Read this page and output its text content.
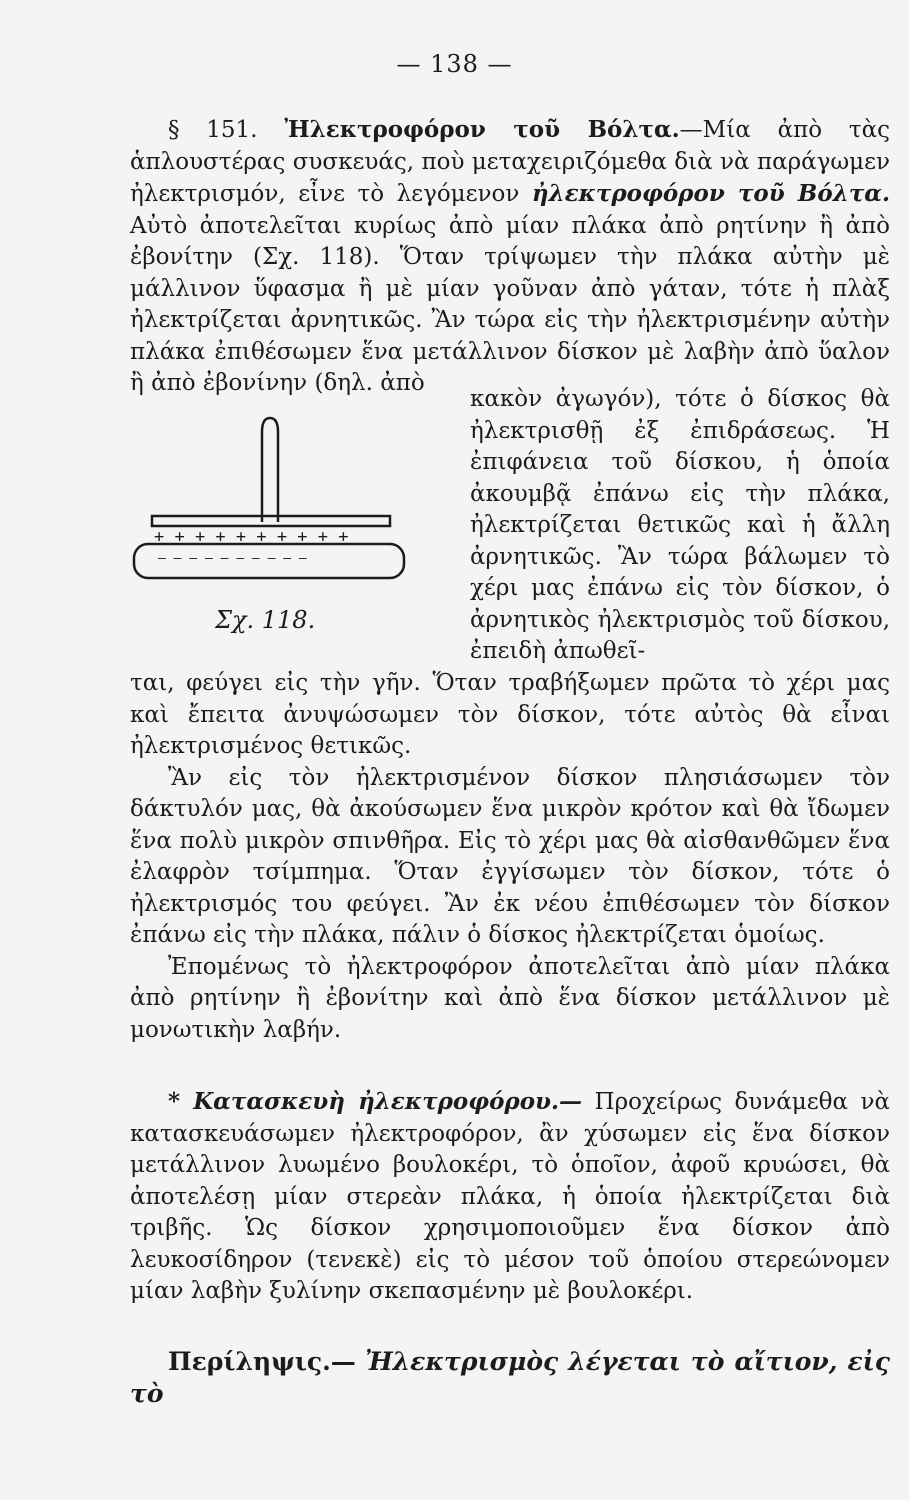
— 138 —

§ 151. Ἠλεκτροφόρον τοῦ Βόλτα.—Μία ἀπὸ τὰς ἁπλουστέρας συσκευάς, ποὺ μεταχειριζόμεθα διὰ νὰ παράγωμεν ἠλεκτρισμόν, εἶνε τὸ λεγόμενον ἠλεκτροφόρον τοῦ Βόλτα. Αὐτὸ ἀποτελεῖται κυρίως ἀπὸ μίαν πλάκα ἀπὸ ρητίνην ἢ ἀπὸ ἐβονίτην (Σχ. 118). Ὅταν τρίψωμεν τὴν πλάκα αὐτὴν μὲ μάλλινον ὕφασμα ἢ μὲ μίαν γοῦναν ἀπὸ γάταν, τότε ἡ πλὰξ ἠλεκτρίζεται ἀρνητικῶς. Ἂν τώρα εἰς τὴν ἠλεκτρισμένην αὐτὴν πλάκα ἐπιθέσωμεν ἕνα μετάλλινον δίσκον μὲ λαβὴν ἀπὸ ὕαλον ἢ ἀπὸ ἐβονίνην (δηλ. ἀπὸ

+ + + + + + + + + +
— — — — — — — — — —
Σχ. 118.
κακὸν ἀγωγόν), τότε ὁ δίσκος θὰ ἠλεκτρισθῇ ἐξ ἐπιδράσεως. Ἡ ἐπιφάνεια τοῦ δίσκου, ἡ ὁποία ἀκουμβᾷ ἐπάνω εἰς τὴν πλάκα, ἠλεκτρίζεται θετικῶς καὶ ἡ ἄλλη ἀρνητικῶς. Ἂν τώρα βάλωμεν τὸ χέρι μας ἐπάνω εἰς τὸν δίσκον, ὁ ἀρνητικὸς ἠλεκτρισμὸς τοῦ δίσκου, ἐπειδὴ ἀπωθεῖ-

ται, φεύγει εἰς τὴν γῆν. Ὅταν τραβήξωμεν πρῶτα τὸ χέρι μας καὶ ἔπειτα ἀνυψώσωμεν τὸν δίσκον, τότε αὐτὸς θὰ εἶναι ἠλεκτρισμένος θετικῶς.

Ἂν εἰς τὸν ἠλεκτρισμένον δίσκον πλησιάσωμεν τὸν δάκτυλόν μας, θὰ ἀκούσωμεν ἕνα μικρὸν κρότον καὶ θὰ ἴδωμεν ἕνα πολὺ μικρὸν σπινθῆρα. Εἰς τὸ χέρι μας θὰ αἰσθανθῶμεν ἕνα ἐλαφρὸν τσίμπημα. Ὅταν ἐγγίσωμεν τὸν δίσκον, τότε ὁ ἠλεκτρισμός του φεύγει. Ἂν ἐκ νέου ἐπιθέσωμεν τὸν δίσκον ἐπάνω εἰς τὴν πλάκα, πάλιν ὁ δίσκος ἠλεκτρίζεται ὁμοίως.

Ἐπομένως τὸ ἠλεκτροφόρον ἀποτελεῖται ἀπὸ μίαν πλάκα ἀπὸ ρητίνην ἢ ἐβονίτην καὶ ἀπὸ ἕνα δίσκον μετάλλινον μὲ μονωτικὴν λαβήν.

* Κατασκευὴ ἠλεκτροφόρου.— Προχείρως δυνάμεθα νὰ κατασκευάσωμεν ἠλεκτροφόρον, ἂν χύσωμεν εἰς ἕνα δίσκον μετάλλινον λυωμένο βουλοκέρι, τὸ ὁποῖον, ἀφοῦ κρυώσει, θὰ ἀποτελέσῃ μίαν στερεὰν πλάκα, ἡ ὁποία ἠλεκτρίζεται διὰ τριβῆς. Ὡς δίσκον χρησιμοποιοῦμεν ἕνα δίσκον ἀπὸ λευκοσίδηρον (τενεκὲ) εἰς τὸ μέσον τοῦ ὁποίου στερεώνομεν μίαν λαβὴν ξυλίνην σκεπασμένην μὲ βουλοκέρι.

Περίληψις.— Ἠλεκτρισμὸς λέγεται τὸ αἴτιον, εἰς τὸ
